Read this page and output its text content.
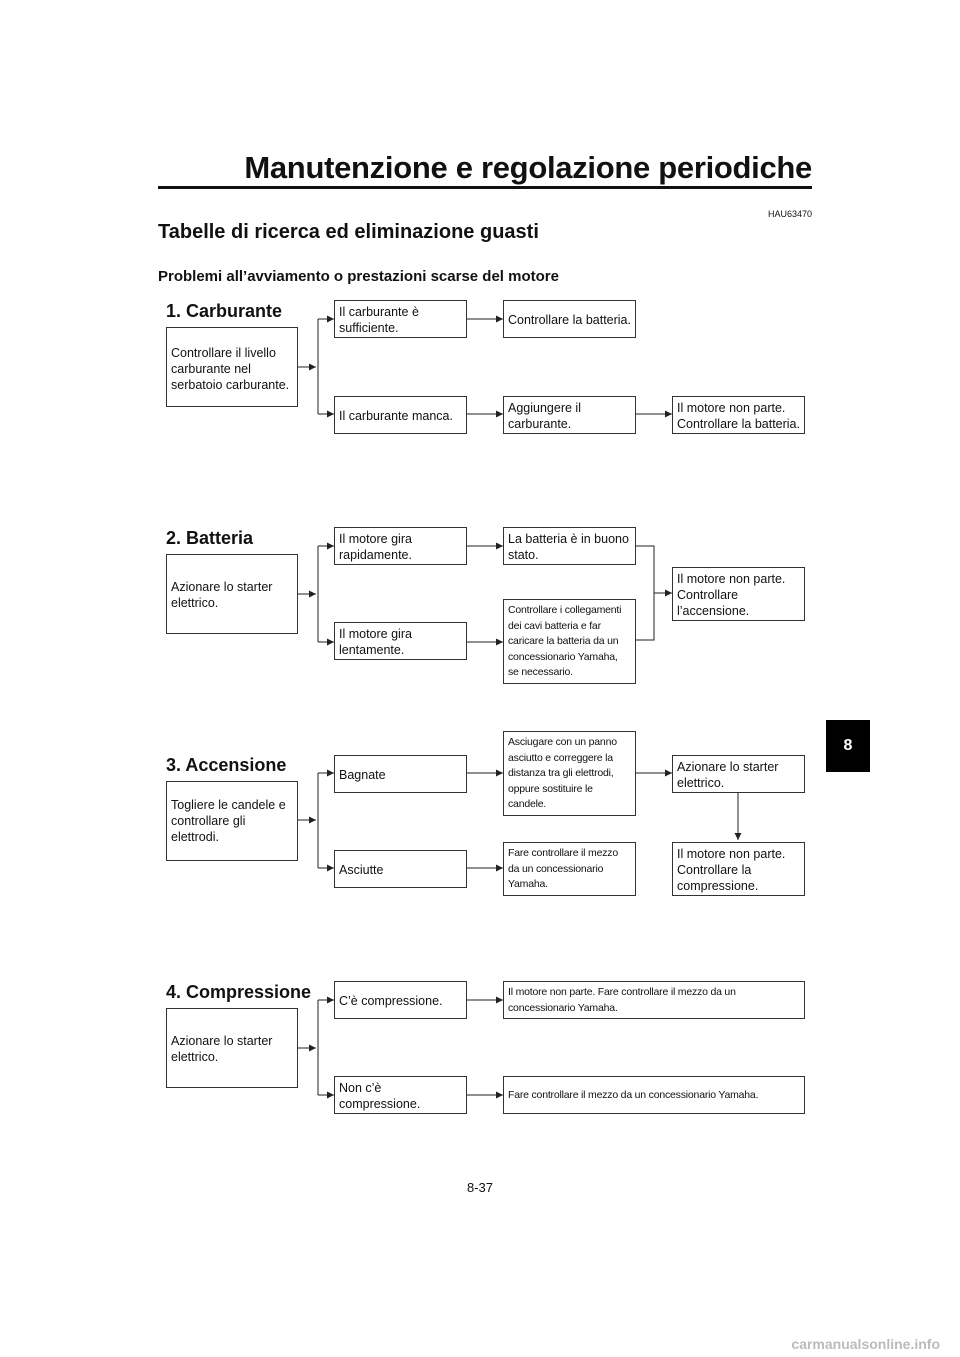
Manutenzione e regolazione periodiche
HAU63470
Tabelle di ricerca ed eliminazione guasti
Problemi all’avviamento o prestazioni scarse del motore
1. Carburante
Controllare il livello carburante nel serbatoio carburante.
Il carburante è sufficiente.
Controllare la batteria.
Il carburante manca.
Aggiungere il carburante.
Il motore non parte. Controllare la batteria.
2. Batteria
Azionare lo starter elettrico.
Il motore gira rapidamente.
La batteria è in buono stato.
Il motore gira lentamente.
Controllare i collegamenti dei cavi batteria e far caricare la batteria da un concessionario Yamaha, se necessario.
Il motore non parte. Controllare l’accensione.
3. Accensione
Togliere le candele e controllare gli elettrodi.
Bagnate
Asciugare con un panno asciutto e correggere la distanza tra gli elettrodi, oppure sostituire le candele.
Azionare lo starter elettrico.
Il motore non parte. Controllare la compressione.
Asciutte
Fare controllare il mezzo da un concessionario Yamaha.
4. Compressione
Azionare lo starter elettrico.
C’è compressione.
Il motore non parte. Fare controllare il mezzo da un concessionario Yamaha.
Non c’è compressione.
Fare controllare il mezzo da un concessionario Yamaha.
8
8-37
carmanualsonline.info
